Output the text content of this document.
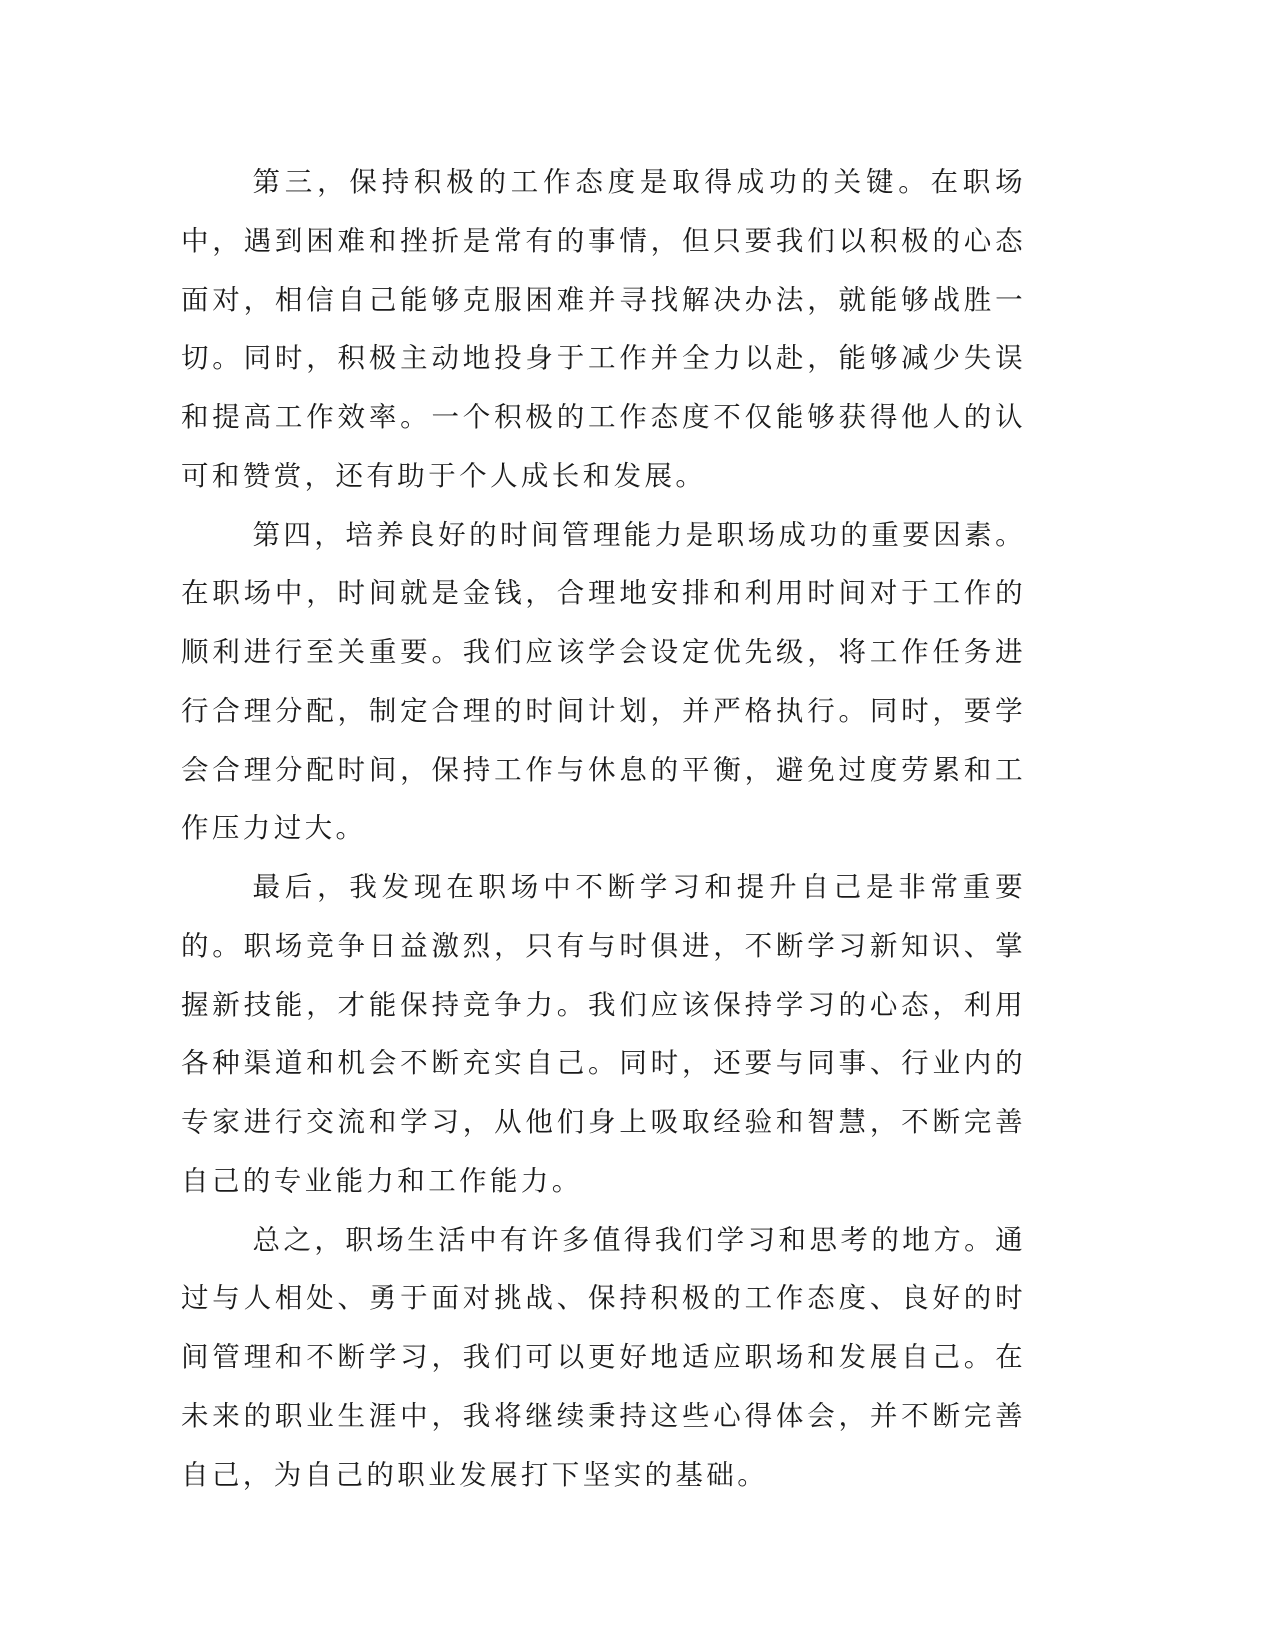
第三，保持积极的工作态度是取得成功的关键。在职场中，遇到困难和挫折是常有的事情，但只要我们以积极的心态面对，相信自己能够克服困难并寻找解决办法，就能够战胜一切。同时，积极主动地投身于工作并全力以赴，能够减少失误和提高工作效率。一个积极的工作态度不仅能够获得他人的认可和赞赏，还有助于个人成长和发展。

第四，培养良好的时间管理能力是职场成功的重要因素。在职场中，时间就是金钱，合理地安排和利用时间对于工作的顺利进行至关重要。我们应该学会设定优先级，将工作任务进行合理分配，制定合理的时间计划，并严格执行。同时，要学会合理分配时间，保持工作与休息的平衡，避免过度劳累和工作压力过大。

最后，我发现在职场中不断学习和提升自己是非常重要的。职场竞争日益激烈，只有与时俱进，不断学习新知识、掌握新技能，才能保持竞争力。我们应该保持学习的心态，利用各种渠道和机会不断充实自己。同时，还要与同事、行业内的专家进行交流和学习，从他们身上吸取经验和智慧，不断完善自己的专业能力和工作能力。

总之，职场生活中有许多值得我们学习和思考的地方。通过与人相处、勇于面对挑战、保持积极的工作态度、良好的时间管理和不断学习，我们可以更好地适应职场和发展自己。在未来的职业生涯中，我将继续秉持这些心得体会，并不断完善自己，为自己的职业发展打下坚实的基础。
